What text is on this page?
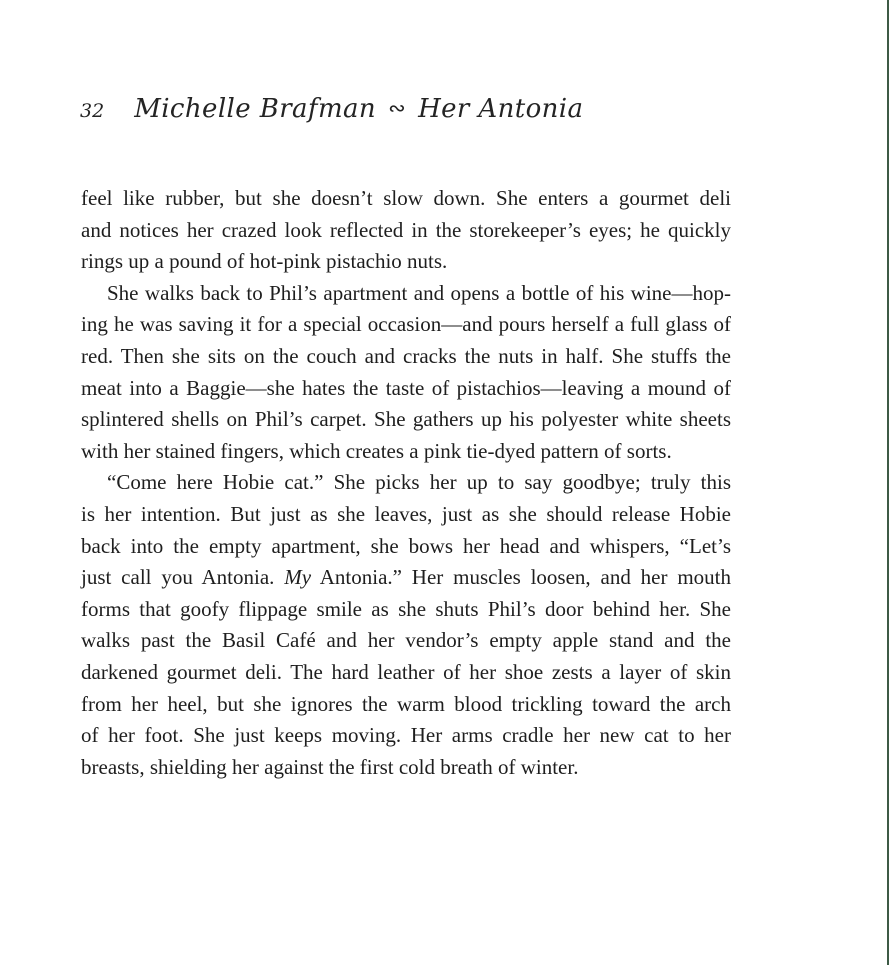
32 Michelle Brafman ∾ Her Antonia
feel like rubber, but she doesn’t slow down. She enters a gourmet deli
and notices her crazed look reflected in the storekeeper’s eyes; he quickly
rings up a pound of hot-pink pistachio nuts.
She walks back to Phil’s apartment and opens a bottle of his wine—hop-
ing he was saving it for a special occasion—and pours herself a full glass of
red. Then she sits on the couch and cracks the nuts in half. She stuffs the
meat into a Baggie—she hates the taste of pistachios—leaving a mound of
splintered shells on Phil’s carpet. She gathers up his polyester white sheets
with her stained fingers, which creates a pink tie-dyed pattern of sorts.
“Come here Hobie cat.” She picks her up to say goodbye; truly this
is her intention. But just as she leaves, just as she should release Hobie
back into the empty apartment, she bows her head and whispers, “Let’s
just call you Antonia. My Antonia.” Her muscles loosen, and her mouth
forms that goofy flippage smile as she shuts Phil’s door behind her. She
walks past the Basil Café and her vendor’s empty apple stand and the
darkened gourmet deli. The hard leather of her shoe zests a layer of skin
from her heel, but she ignores the warm blood trickling toward the arch
of her foot. She just keeps moving. Her arms cradle her new cat to her
breasts, shielding her against the first cold breath of winter.
